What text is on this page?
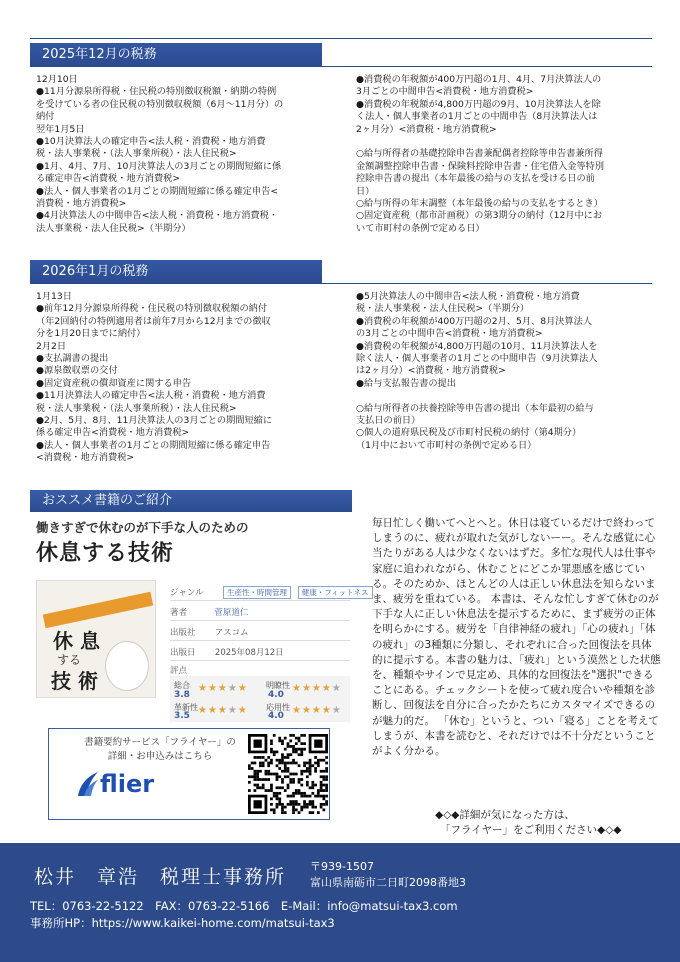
2025年12月の税務
12月10日
●11月分源泉所得税・住民税の特別徴収税額・納期の特例
を受けている者の住民税の特別徴収税額（6月～11月分）の
納付
翌年1月5日
●10月決算法人の確定申告<法人税・消費税・地方消費
税・法人事業税・（法人事業所税）・法人住民税>
●1月、4月、7月、10月決算法人の3月ごとの期間短縮に係
る確定申告<消費税・地方消費税>
●法人・個人事業者の1月ごとの期間短縮に係る確定申告<
消費税・地方消費税>
●4月決算法人の中間申告<法人税・消費税・地方消費税・
法人事業税・法人住民税>（半期分）
●消費税の年税額が400万円超の1月、4月、7月決算法人の
3月ごとの中間申告<消費税・地方消費税>
●消費税の年税額が4,800万円超の9月、10月決算法人を除
く法人・個人事業者の1月ごとの中間申告（8月決算法人は
2ヶ月分）<消費税・地方消費税>

○給与所得者の基礎控除申告書兼配偶者控除等申告書兼所得
金額調整控除申告書・保険料控除申告書・住宅借入金等特別
控除申告書の提出（本年最後の給与の支払を受ける日の前
日）
○給与所得の年末調整（本年最後の給与の支払をするとき）
○固定資産税（都市計画税）の第3期分の納付（12月中にお
いて市町村の条例で定める日）
2026年1月の税務
1月13日
●前年12月分源泉所得税・住民税の特別徴収税額の納付
（年2回納付の特例適用者は前年7月から12月までの徴収
分を1月20日までに納付）
2月2日
●支払調書の提出
●源泉徴収票の交付
●固定資産税の償却資産に関する申告
●11月決算法人の確定申告<法人税・消費税・地方消費
税・法人事業税・（法人事業所税）・法人住民税>
●2月、5月、8月、11月決算法人の3月ごとの期間短縮に
係る確定申告<消費税・地方消費税>
●法人・個人事業者の1月ごとの期間短縮に係る確定申告
<消費税・地方消費税>
●5月決算法人の中間申告<法人税・消費税・地方消費
税・法人事業税・法人住民税>（半期分）
●消費税の年税額が400万円超の2月、5月、8月決算法人
の3月ごとの中間申告<消費税・地方消費税>
●消費税の年税額が4,800万円超の10月、11月決算法人を
除く法人・個人事業者の1月ごとの中間申告（9月決算法人
は2ヶ月分）<消費税・地方消費税>
●給与支払報告書の提出

○給与所得者の扶養控除等申告書の提出（本年最初の給与
支払日の前日）
○個人の道府県民税及び市町村民税の納付（第4期分）
（1月中において市町村の条例で定める日）
おススメ書籍のご紹介
働きすぎで休むのが下手な人のための
休息する技術
休 息
する
技 術
ジャンル	生産性・時間管理 健康・フィットネス
著者	菅原道仁
出版社 アスコム
出版日 2025年08月12日
評点
総合
3.8
★★★★★ 明瞭性
4.0
★★★★★
革新性
3.5 ★★★★★ 応用性
4.0 ★★★★★
書籍要約サービス「フライヤー」の
詳細・お申込みはこちら
flier
毎日忙しく働いてへとへと。休日は寝ているだけで終わってしまうのに、疲れが取れた気がしないーー。そんな感覚に心当たりがある人は少なくないはずだ。多忙な現代人は仕事や家庭に追われながら、休むことにどこか罪悪感を感じている。そのためか、ほとんどの人は正しい休息法を知らないまま、疲労を重ねている。 本書は、そんな忙しすぎて休むのが下手な人に正しい休息法を提示するために、まず疲労の正体を明らかにする。疲労を「自律神経の疲れ」「心の疲れ」「体の疲れ」の3種類に分類し、それぞれに合った回復法を具体的に提示する。本書の魅力は、「疲れ」という漠然とした状態を、種類やサインで見定め、具体的な回復法を"選択"できることにある。チェックシートを使って疲れ度合いや種類を診断し、回復法を自分に合ったかたちにカスタマイズできるのが魅力的だ。 「休む」というと、つい「寝る」ことを考えてしまうが、本書を読むと、それだけでは不十分だということがよく分かる。
◆◇◆詳細が気になった方は、
「フライヤー」をご利用ください◆◇◆
松井　章浩　税理士事務所 〒939-1507
富山県南砺市二日町2098番地3
TEL：0763-22-5122　FAX：0763-22-5166　E-Mail：info@matsui-tax3.com
事務所HP：https://www.kaikei-home.com/matsui-tax3
